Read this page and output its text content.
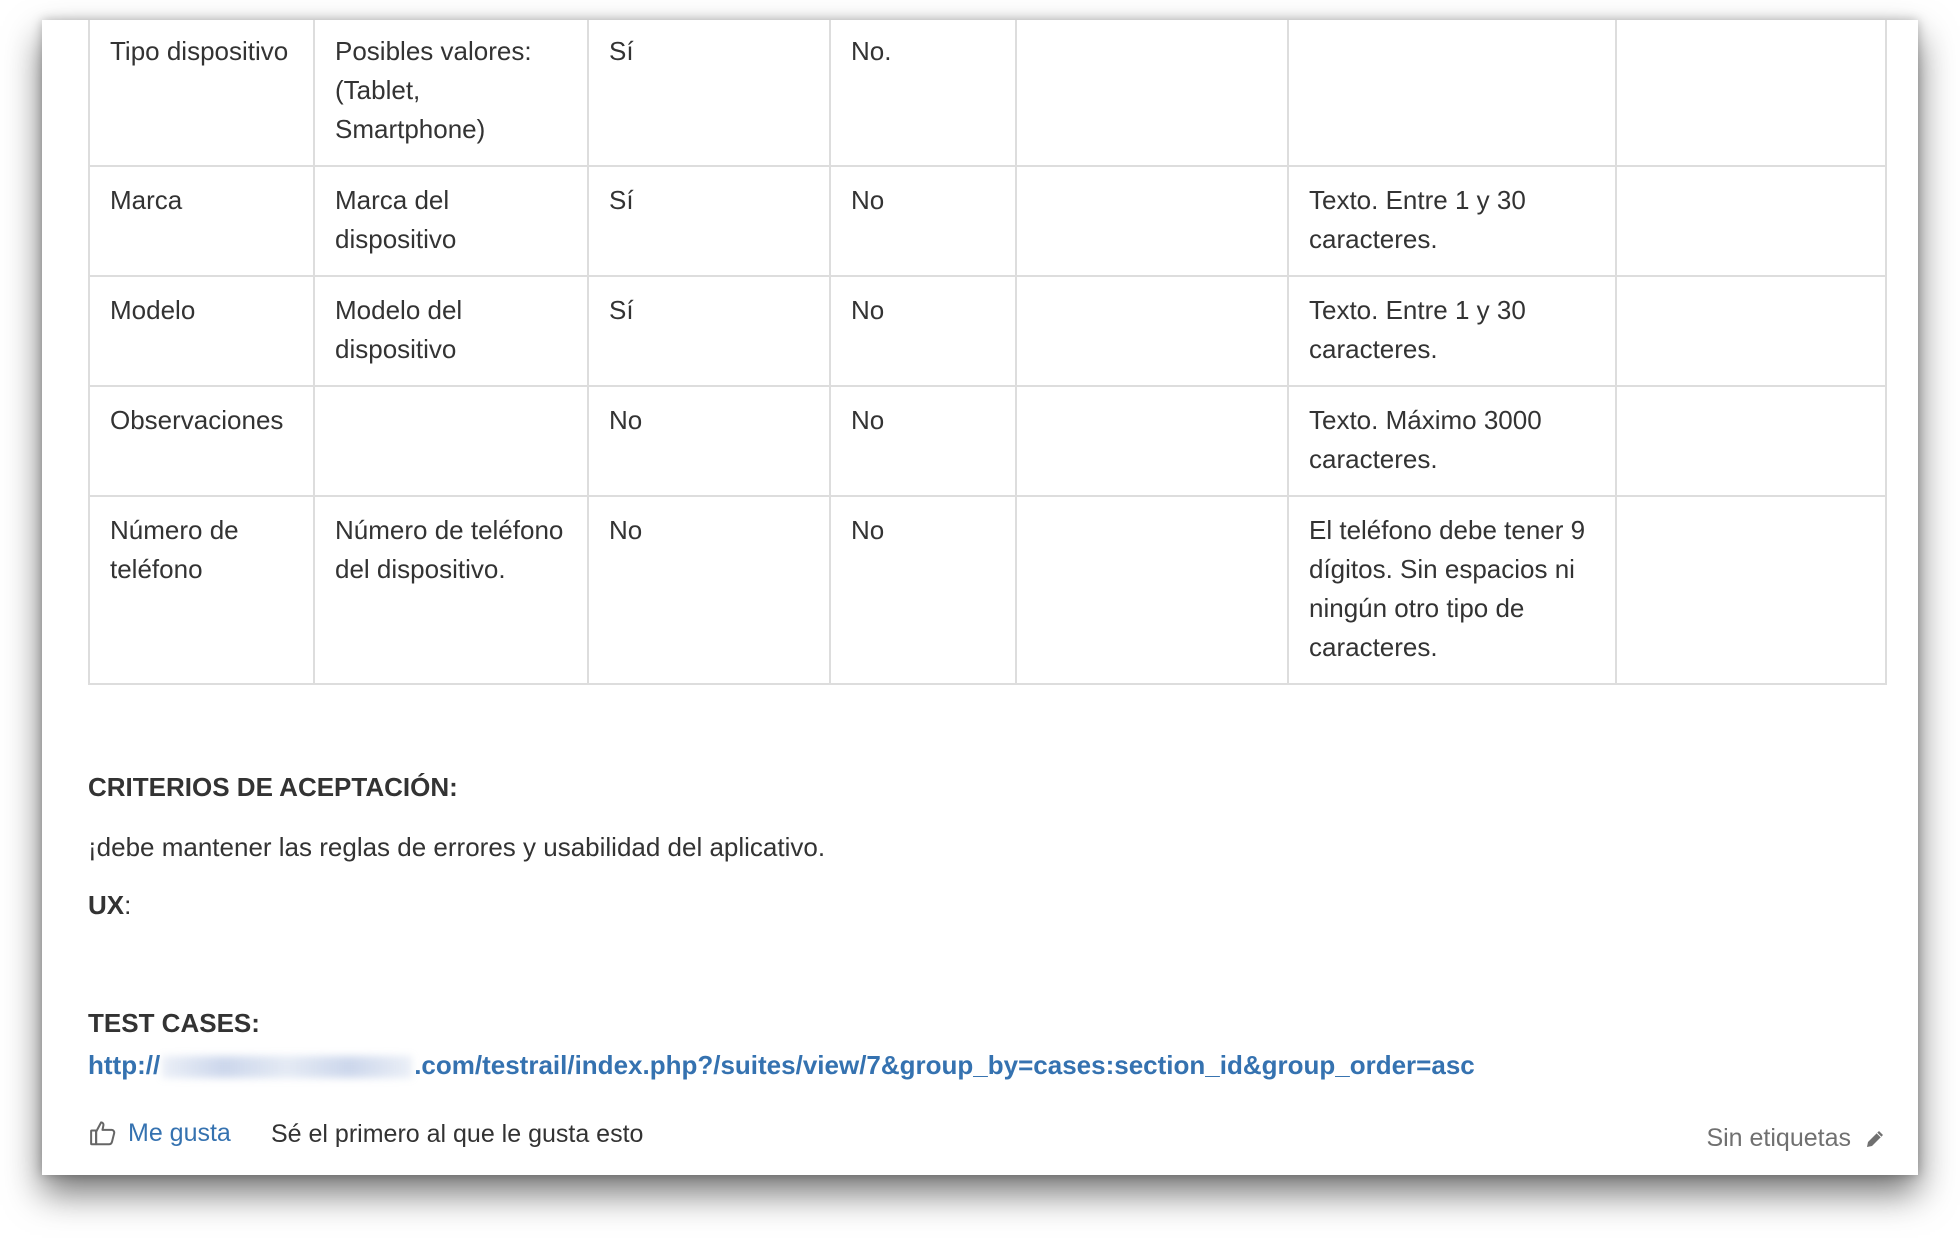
Tipo dispositivo	Posibles valores: (Tablet, Smartphone)	Sí	No.			
Marca	Marca del dispositivo	Sí	No		Texto. Entre 1 y 30 caracteres.	
Modelo	Modelo del dispositivo	Sí	No		Texto. Entre 1 y 30 caracteres.	
Observaciones		No	No		Texto. Máximo 3000 caracteres.	
Número de teléfono	Número de teléfono del dispositivo.	No	No		El teléfono debe tener 9 dígitos. Sin espacios ni ningún otro tipo de caracteres.	
CRITERIOS DE ACEPTACIÓN:
¡debe mantener las reglas de errores y usabilidad del aplicativo.
UX:
TEST CASES:
http://	.com/testrail/index.php?/suites/view/7&group_by=cases:section_id&group_order=asc
Me gusta Sé el primero al que le gusta esto	Sin etiquetas
